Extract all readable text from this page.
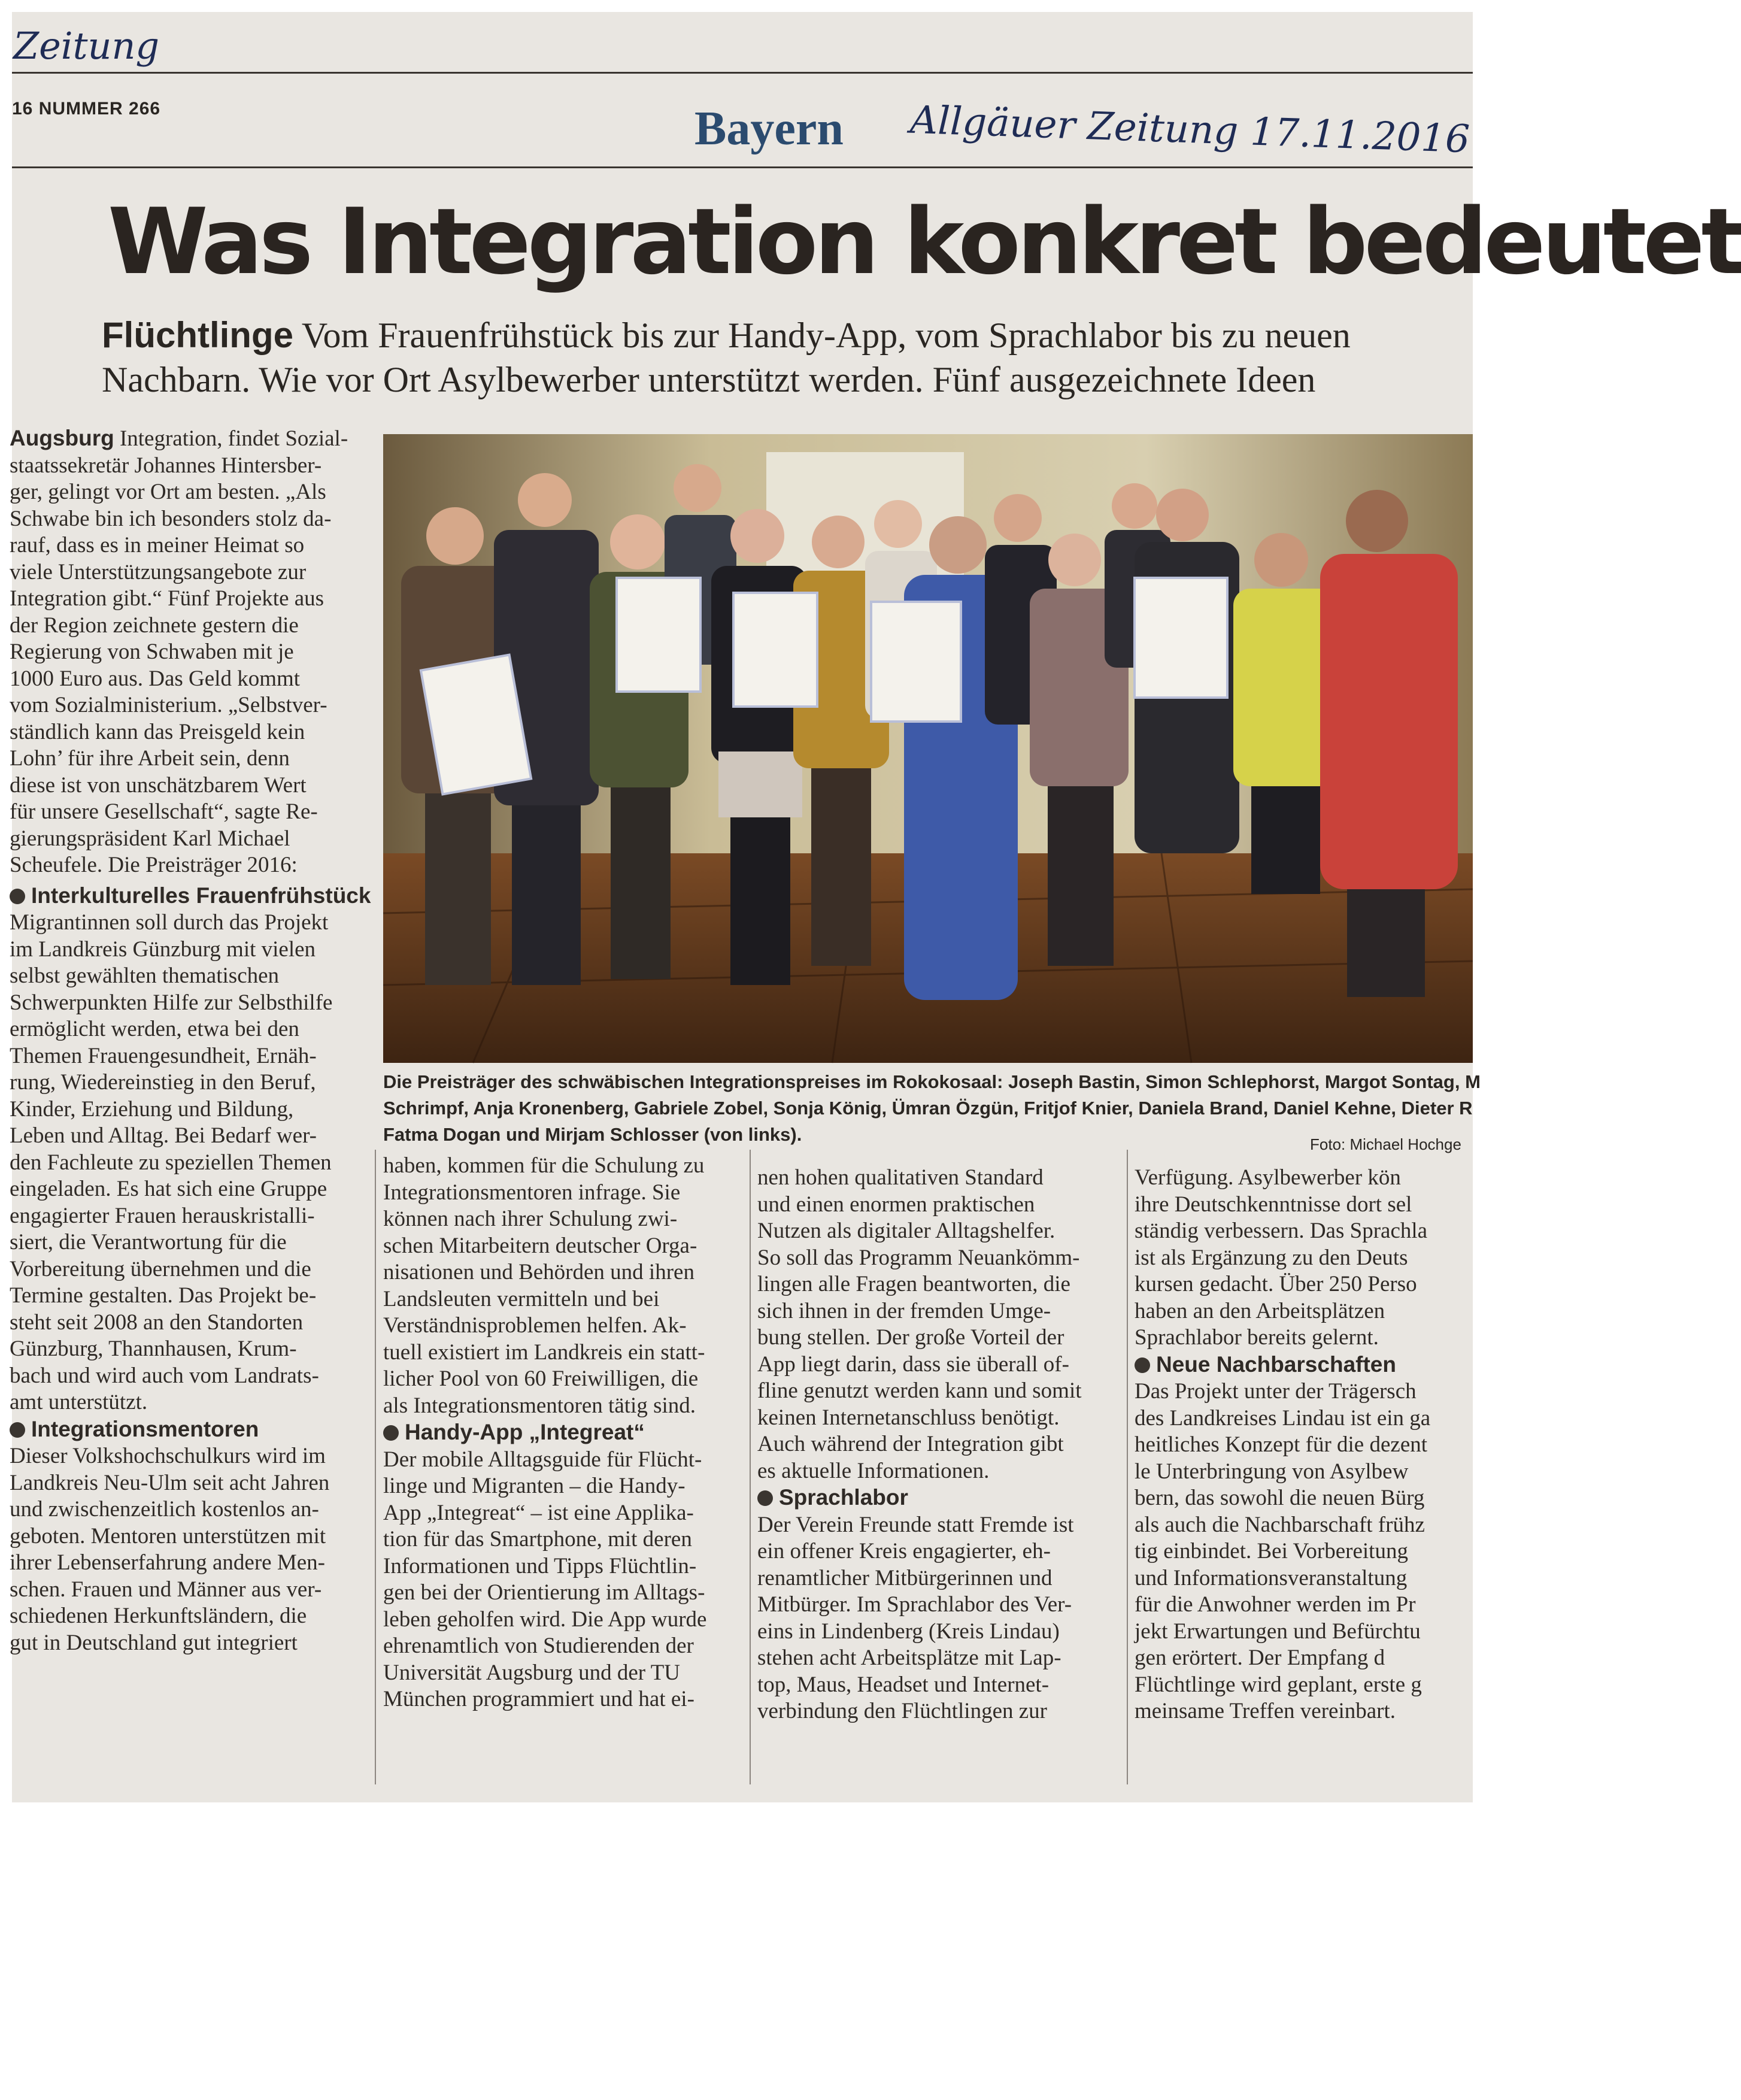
Zeitung
16 NUMMER 266	Bayern Allgäuer Zeitung 17.11.2016
Was Integration konkret bedeutet
Flüchtlinge Vom Frauenfrühstück bis zur Handy-App, vom Sprachlabor bis zu neuen
Nachbarn. Wie vor Ort Asylbewerber unterstützt werden. Fünf ausgezeichnete Ideen
Die Preisträger des schwäbischen Integrationspreises im Rokokosaal: Joseph Bastin, Simon Schlephorst, Margot Sontag, M
Schrimpf, Anja Kronenberg, Gabriele Zobel, Sonja König, Ümran Özgün, Fritjof Knier, Daniela Brand, Daniel Kehne, Dieter R
Fatma Dogan und Mirjam Schlosser (von links).	Foto: Michael Hochge

Augsburg Integration, findet Sozial-

staatssekretär Johannes Hintersber-

ger, gelingt vor Ort am besten. „Als

Schwabe bin ich besonders stolz da-

rauf, dass es in meiner Heimat so

viele Unterstützungsangebote zur

Integration gibt.“ Fünf Projekte aus

der Region zeichnete gestern die

Regierung von Schwaben mit je

1000 Euro aus. Das Geld kommt

vom Sozialministerium. „Selbstver-

ständlich kann das Preisgeld kein

Lohn’ für ihre Arbeit sein, denn

diese ist von unschätzbarem Wert

für unsere Gesellschaft“, sagte Re-

gierungspräsident Karl Michael

Scheufele. Die Preisträger 2016:

Interkulturelles Frauenfrühstück

Migrantinnen soll durch das Projekt

im Landkreis Günzburg mit vielen

selbst gewählten thematischen

Schwerpunkten Hilfe zur Selbsthilfe

ermöglicht werden, etwa bei den

Themen Frauengesundheit, Ernäh-

rung, Wiedereinstieg in den Beruf,

Kinder, Erziehung und Bildung,

Leben und Alltag. Bei Bedarf wer-

den Fachleute zu speziellen Themen

eingeladen. Es hat sich eine Gruppe

engagierter Frauen herauskristalli-

siert, die Verantwortung für die

Vorbereitung übernehmen und die

Termine gestalten. Das Projekt be-

steht seit 2008 an den Standorten

Günzburg, Thannhausen, Krum-

bach und wird auch vom Landrats-

amt unterstützt.

Integrationsmentoren

Dieser Volkshochschulkurs wird im

Landkreis Neu-Ulm seit acht Jahren

und zwischenzeitlich kostenlos an-

geboten. Mentoren unterstützen mit

ihrer Lebenserfahrung andere Men-

schen. Frauen und Männer aus ver-

schiedenen Herkunftsländern, die

gut in Deutschland gut integriert

haben, kommen für die Schulung zu

Integrationsmentoren infrage. Sie

können nach ihrer Schulung zwi-

schen Mitarbeitern deutscher Orga-

nisationen und Behörden und ihren

Landsleuten vermitteln und bei

Verständnisproblemen helfen. Ak-

tuell existiert im Landkreis ein statt-

licher Pool von 60 Freiwilligen, die

als Integrationsmentoren tätig sind.

Handy-App „Integreat“

Der mobile Alltagsguide für Flücht-

linge und Migranten – die Handy-

App „Integreat“ – ist eine Applika-

tion für das Smartphone, mit deren

Informationen und Tipps Flüchtlin-

gen bei der Orientierung im Alltags-

leben geholfen wird. Die App wurde

ehrenamtlich von Studierenden der

Universität Augsburg und der TU

München programmiert und hat ei-

nen hohen qualitativen Standard

und einen enormen praktischen

Nutzen als digitaler Alltagshelfer.

So soll das Programm Neuankömm-

lingen alle Fragen beantworten, die

sich ihnen in der fremden Umge-

bung stellen. Der große Vorteil der

App liegt darin, dass sie überall of-

fline genutzt werden kann und somit

keinen Internetanschluss benötigt.

Auch während der Integration gibt

es aktuelle Informationen.

Sprachlabor

Der Verein Freunde statt Fremde ist

ein offener Kreis engagierter, eh-

renamtlicher Mitbürgerinnen und

Mitbürger. Im Sprachlabor des Ver-

eins in Lindenberg (Kreis Lindau)

stehen acht Arbeitsplätze mit Lap-

top, Maus, Headset und Internet-

verbindung den Flüchtlingen zur

Verfügung. Asylbewerber kön

ihre Deutschkenntnisse dort sel

ständig verbessern. Das Sprachla

ist als Ergänzung zu den Deuts

kursen gedacht. Über 250 Perso

haben an den Arbeitsplätzen

Sprachlabor bereits gelernt.

Neue Nachbarschaften

Das Projekt unter der Trägersch

des Landkreises Lindau ist ein ga

heitliches Konzept für die dezent

le Unterbringung von Asylbew

bern, das sowohl die neuen Bürg

als auch die Nachbarschaft frühz

tig einbindet. Bei Vorbereitung

und Informationsveranstaltung

für die Anwohner werden im Pr

jekt Erwartungen und Befürchtu

gen erörtert. Der Empfang d

Flüchtlinge wird geplant, erste g

meinsame Treffen vereinbart.
